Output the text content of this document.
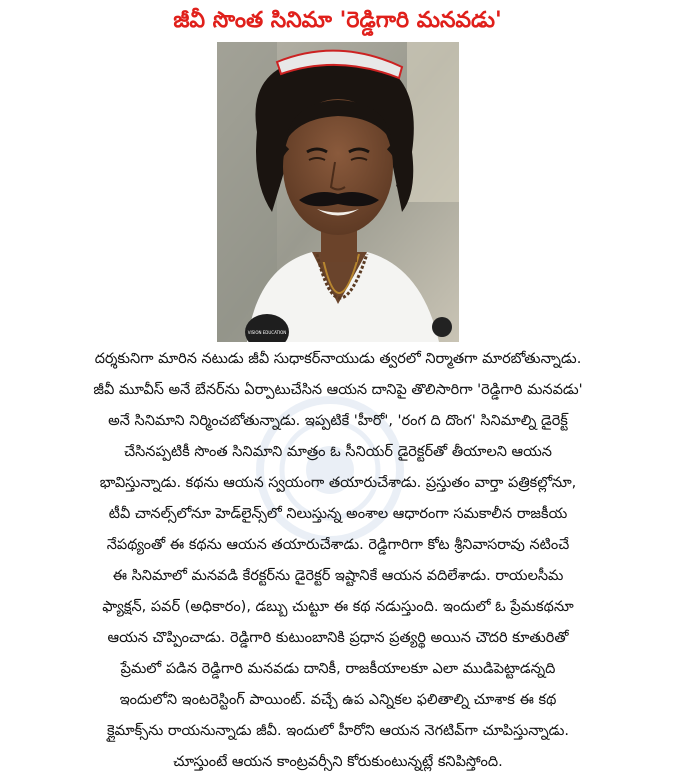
జీవీ సొంత సినిమా 'రెడ్డిగారి మనవడు'
VISION EDUCATION
దర్శకునిగా మారిన నటుడు జీవీ సుధాకర్‌నాయుడు త్వరలో నిర్మాతగా మారబోతున్నాడు.
జీవీ మూవీస్ అనే బేనర్‌ను ఏర్పాటుచేసిన ఆయన దానిపై తొలిసారిగా 'రెడ్డిగారి మనవడు'
అనే సినిమాని నిర్మించబోతున్నాడు. ఇప్పటికే 'హీరో', 'రంగ ది దొంగ' సినిమాల్ని డైరెక్ట్
చేసినప్పటికీ సొంత సినిమాని మాత్రం ఓ సీనియర్ డైరెక్టర్‌తో తీయాలని ఆయన
భావిస్తున్నాడు. కథను ఆయన స్వయంగా తయారుచేశాడు. ప్రస్తుతం వార్తా పత్రికల్లోనూ,
టీవీ చానల్స్‌లోనూ హెడ్‌లైన్స్‌లో నిలుస్తున్న అంశాల ఆధారంగా సమకాలీన రాజకీయ
నేపథ్యంతో ఈ కథను ఆయన తయారుచేశాడు. రెడ్డిగారిగా కోట శ్రీనివాసరావు నటించే
ఈ సినిమాలో మనవడి కేరక్టర్‌ను డైరెక్టర్ ఇష్టానికే ఆయన వదిలేశాడు. రాయలసీమ
ఫ్యాక్షన్, పవర్ (అధికారం), డబ్బు చుట్టూ ఈ కథ నడుస్తుంది. ఇందులో ఓ ప్రేమకథనూ
ఆయన చొప్పించాడు. రెడ్డిగారి కుటుంబానికి ప్రధాన ప్రత్యర్థి అయిన చౌదరి కూతురితో
ప్రేమలో పడిన రెడ్డిగారి మనవడు దానికీ, రాజకీయాలకూ ఎలా ముడిపెట్టాడన్నది
ఇందులోని ఇంటరెస్టింగ్ పాయింట్. వచ్చే ఉప ఎన్నికల ఫలితాల్ని చూశాక ఈ కథ
క్లైమాక్స్‌ను రాయనున్నాడు జీవీ. ఇందులో హీరోని ఆయన నెగటివ్‌గా చూపిస్తున్నాడు.
చూస్తుంటే ఆయన కాంట్రవర్సీని కోరుకుంటున్నట్లే కనిపిస్తోంది.
